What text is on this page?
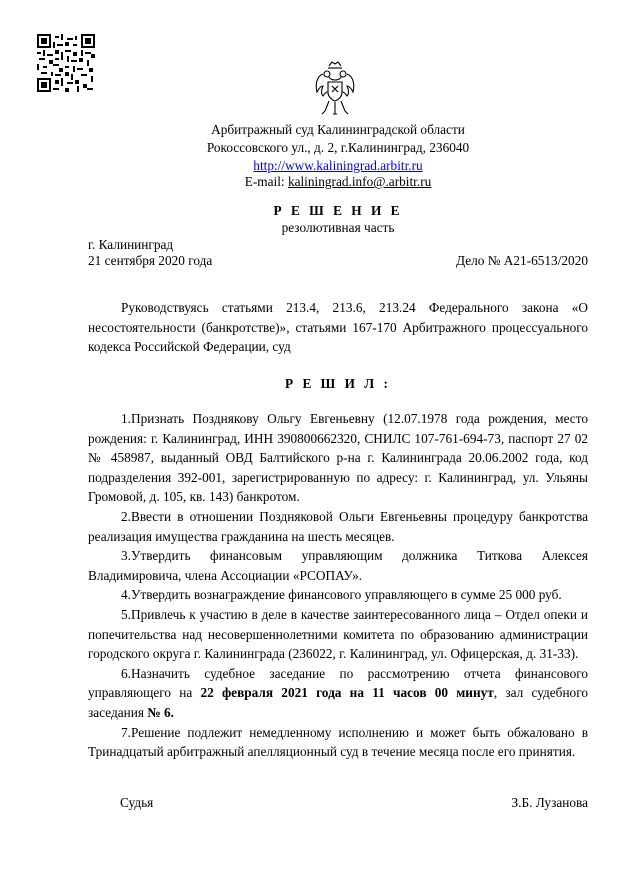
Арбитражный суд Калининградской области
Рокоссовского ул., д. 2, г.Калининград, 236040
http://www.kaliningrad.arbitr.ru
E-mail: kaliningrad.info@.arbitr.ru
Р Е Ш Е Н И Е
резолютивная часть
г. Калининград
21 сентября 2020 года	Дело № А21-6513/2020
Руководствуясь статьями 213.4, 213.6, 213.24 Федерального закона «О несостоятельности (банкротстве)», статьями 167-170 Арбитражного процессуального кодекса Российской Федерации, суд
Р Е Ш И Л :
1.Признать Позднякову Ольгу Евгеньевну (12.07.1978 года рождения, место рождения: г. Калининград, ИНН 390800662320, СНИЛС 107-761-694-73, паспорт 27 02 № 458987, выданный ОВД Балтийского р-на г. Калининграда 20.06.2002 года, код подразделения 392-001, зарегистрированную по адресу: г. Калининград, ул. Ульяны Громовой, д. 105, кв. 143) банкротом.
2.Ввести в отношении Поздняковой Ольги Евгеньевны процедуру банкротства реализация имущества гражданина на шесть месяцев.
3.Утвердить финансовым управляющим должника Титкова Алексея Владимировича, члена Ассоциации «РСОПАУ».
4.Утвердить вознаграждение финансового управляющего в сумме 25 000 руб.
5.Привлечь к участию в деле в качестве заинтересованного лица – Отдел опеки и попечительства над несовершеннолетними комитета по образованию администрации городского округа г. Калининграда (236022, г. Калининград, ул. Офицерская, д. 31-33).
6.Назначить судебное заседание по рассмотрению отчета финансового управляющего на 22 февраля 2021 года на 11 часов 00 минут, зал судебного заседания № 6.
7.Решение подлежит немедленному исполнению и может быть обжаловано в Тринадцатый арбитражный апелляционный суд в течение месяца после его принятия.
Судья	З.Б. Лузанова
